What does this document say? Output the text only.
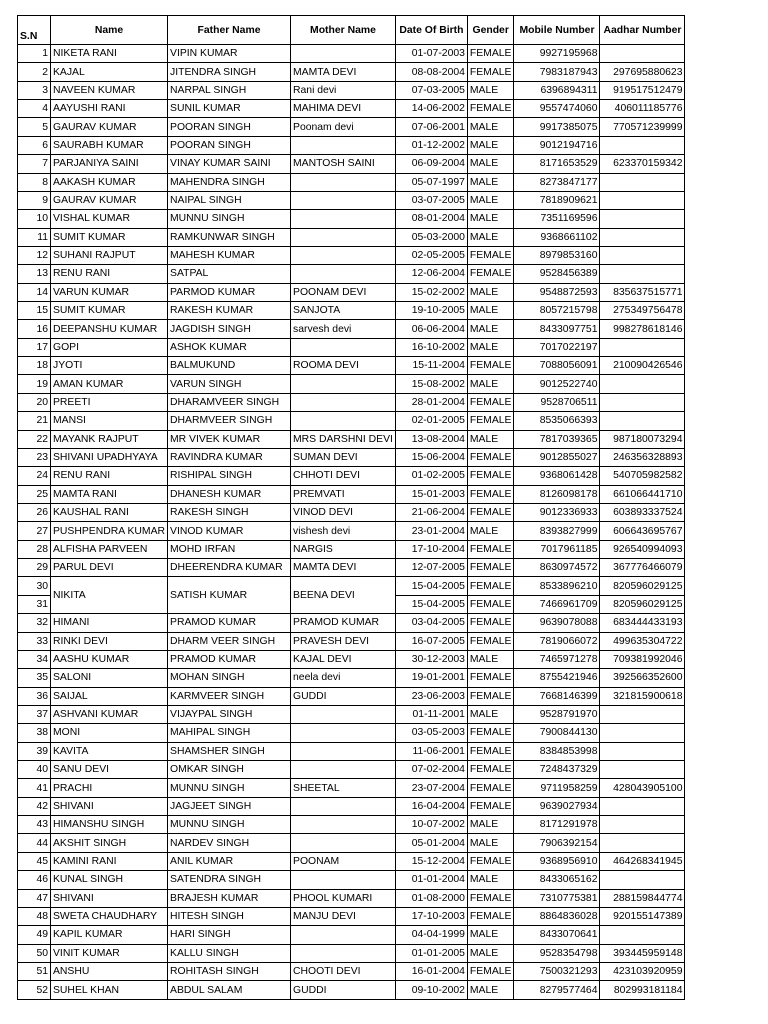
S.N	Name	Father Name	Mother Name	Date Of Birth	Gender	Mobile Number	Aadhar Number
1	NIKETA RANI	VIPIN KUMAR		01-07-2003	FEMALE	9927195968	
2	KAJAL	JITENDRA SINGH	MAMTA DEVI	08-08-2004	FEMALE	7983187943	297695880623
3	NAVEEN KUMAR	NARPAL SINGH	Rani devi	07-03-2005	MALE	6396894311	919517512479
4	AAYUSHI RANI	SUNIL KUMAR	MAHIMA DEVI	14-06-2002	FEMALE	9557474060	406011185776
5	GAURAV KUMAR	POORAN SINGH	Poonam devi	07-06-2001	MALE	9917385075	770571239999
6	SAURABH KUMAR	POORAN SINGH		01-12-2002	MALE	9012194716	
7	PARJANIYA SAINI	VINAY KUMAR SAINI	MANTOSH SAINI	06-09-2004	MALE	8171653529	623370159342
8	AAKASH KUMAR	MAHENDRA SINGH		05-07-1997	MALE	8273847177	
9	GAURAV KUMAR	NAIPAL SINGH		03-07-2005	MALE	7818909621	
10	VISHAL KUMAR	MUNNU SINGH		08-01-2004	MALE	7351169596	
11	SUMIT KUMAR	RAMKUNWAR SINGH		05-03-2000	MALE	9368661102	
12	SUHANI RAJPUT	MAHESH KUMAR		02-05-2005	FEMALE	8979853160	
13	RENU RANI	SATPAL		12-06-2004	FEMALE	9528456389	
14	VARUN KUMAR	PARMOD KUMAR	POONAM DEVI	15-02-2002	MALE	9548872593	835637515771
15	SUMIT KUMAR	RAKESH KUMAR	SANJOTA	19-10-2005	MALE	8057215798	275349756478
16	DEEPANSHU KUMAR	JAGDISH SINGH	sarvesh devi	06-06-2004	MALE	8433097751	998278618146
17	GOPI	ASHOK KUMAR		16-10-2002	MALE	7017022197	
18	JYOTI	BALMUKUND	ROOMA DEVI	15-11-2004	FEMALE	7088056091	210090426546
19	AMAN KUMAR	VARUN SINGH		15-08-2002	MALE	9012522740	
20	PREETI	DHARAMVEER SINGH		28-01-2004	FEMALE	9528706511	
21	MANSI	DHARMVEER SINGH		02-01-2005	FEMALE	8535066393	
22	MAYANK RAJPUT	MR VIVEK KUMAR	MRS DARSHNI DEVI	13-08-2004	MALE	7817039365	987180073294
23	SHIVANI UPADHYAYA	RAVINDRA KUMAR	SUMAN DEVI	15-06-2004	FEMALE	9012855027	246356328893
24	RENU RANI	RISHIPAL SINGH	CHHOTI DEVI	01-02-2005	FEMALE	9368061428	540705982582
25	MAMTA RANI	DHANESH KUMAR	PREMVATI	15-01-2003	FEMALE	8126098178	661066441710
26	KAUSHAL RANI	RAKESH SINGH	VINOD DEVI	21-06-2004	FEMALE	9012336933	603893337524
27	PUSHPENDRA KUMAR	VINOD KUMAR	vishesh devi	23-01-2004	MALE	8393827999	606643695767
28	ALFISHA PARVEEN	MOHD IRFAN	NARGIS	17-10-2004	FEMALE	7017961185	926540994093
29	PARUL DEVI	DHEERENDRA KUMAR	MAMTA DEVI	12-07-2005	FEMALE	8630974572	367776466079
30	NIKITA	SATISH KUMAR	BEENA DEVI	15-04-2005	FEMALE	8533896210	820596029125
31				15-04-2005	FEMALE	7466961709	820596029125
32	HIMANI	PRAMOD KUMAR	PRAMOD KUMAR	03-04-2005	FEMALE	9639078088	683444433193
33	RINKI DEVI	DHARM VEER SINGH	PRAVESH DEVI	16-07-2005	FEMALE	7819066072	499635304722
34	AASHU KUMAR	PRAMOD KUMAR	KAJAL DEVI	30-12-2003	MALE	7465971278	709381992046
35	SALONI	MOHAN SINGH	neela devi	19-01-2001	FEMALE	8755421946	392566352600
36	SAIJAL	KARMVEER SINGH	GUDDI	23-06-2003	FEMALE	7668146399	321815900618
37	ASHVANI KUMAR	VIJAYPAL SINGH		01-11-2001	MALE	9528791970	
38	MONI	MAHIPAL SINGH		03-05-2003	FEMALE	7900844130	
39	KAVITA	SHAMSHER SINGH		11-06-2001	FEMALE	8384853998	
40	SANU DEVI	OMKAR SINGH		07-02-2004	FEMALE	7248437329	
41	PRACHI	MUNNU SINGH	SHEETAL	23-07-2004	FEMALE	9711958259	428043905100
42	SHIVANI	JAGJEET SINGH		16-04-2004	FEMALE	9639027934	
43	HIMANSHU SINGH	MUNNU SINGH		10-07-2002	MALE	8171291978	
44	AKSHIT SINGH	NARDEV SINGH		05-01-2004	MALE	7906392154	
45	KAMINI RANI	ANIL KUMAR	POONAM	15-12-2004	FEMALE	9368956910	464268341945
46	KUNAL SINGH	SATENDRA SINGH		01-01-2004	MALE	8433065162	
47	SHIVANI	BRAJESH KUMAR	PHOOL KUMARI	01-08-2000	FEMALE	7310775381	288159844774
48	SWETA CHAUDHARY	HITESH SINGH	MANJU DEVI	17-10-2003	FEMALE	8864836028	920155147389
49	KAPIL KUMAR	HARI SINGH		04-04-1999	MALE	8433070641	
50	VINIT KUMAR	KALLU SINGH		01-01-2005	MALE	9528354798	393445959148
51	ANSHU	ROHITASH SINGH	CHOOTI DEVI	16-01-2004	FEMALE	7500321293	423103920959
52	SUHEL KHAN	ABDUL SALAM	GUDDI	09-10-2002	MALE	8279577464	802993181184
